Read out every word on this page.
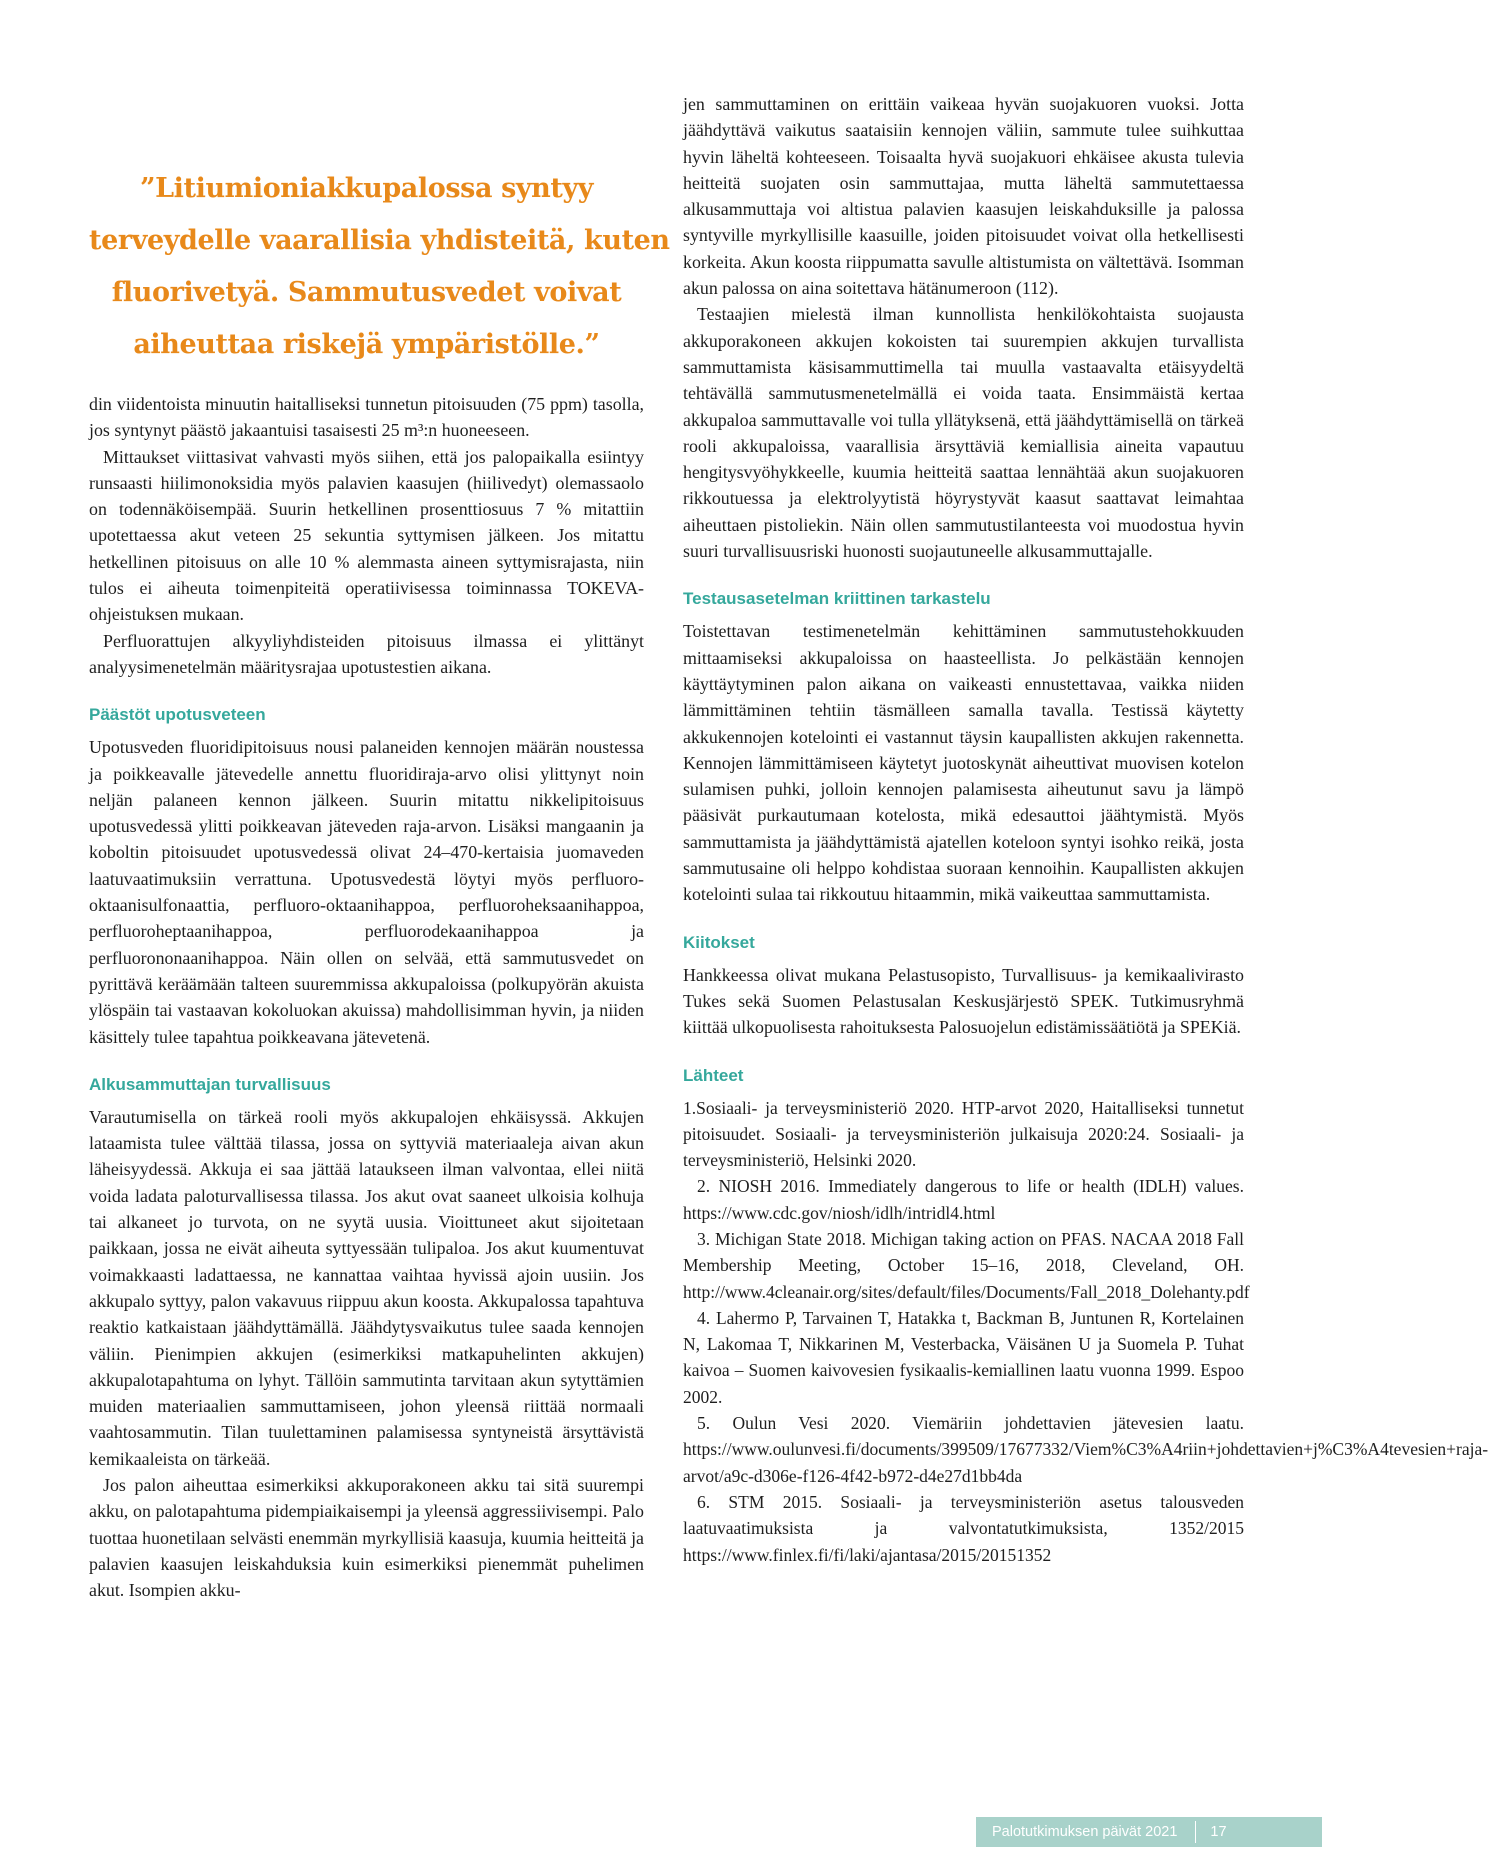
”Litiumioniakkupalossa syntyy
terveydelle vaarallisia yhdisteitä, kuten
fluorivetyä. Sammutusvedet voivat
aiheuttaa riskejä ympäristölle.”

din viidentoista minuutin haitalliseksi tunnetun pitoisuuden (75 ppm) tasolla, jos syntynyt päästö jakaantuisi tasaisesti 25 m³:n huoneeseen.

Mittaukset viittasivat vahvasti myös siihen, että jos palopaikalla esiintyy runsaasti hiilimonoksidia myös palavien kaasujen (hiilivedyt) olemassaolo on todennäköisempää. Suurin hetkellinen prosenttiosuus 7 % mitattiin upotettaessa akut veteen 25 sekuntia syttymisen jälkeen. Jos mitattu hetkellinen pitoisuus on alle 10 % alemmasta aineen syttymisrajasta, niin tulos ei aiheuta toimenpiteitä operatiivisessa toiminnassa TOKEVA-ohjeistuksen mukaan.

Perfluorattujen alkyyliyhdisteiden pitoisuus ilmassa ei ylittänyt analyysimenetelmän määritysrajaa upotustestien aikana.

Päästöt upotusveteen

Upotusveden fluoridipitoisuus nousi palaneiden kennojen määrän noustessa ja poikkeavalle jätevedelle annettu fluoridiraja-arvo olisi ylittynyt noin neljän palaneen kennon jälkeen. Suurin mitattu nikkelipitoisuus upotusvedessä ylitti poikkeavan jäteveden raja-arvon. Lisäksi mangaanin ja koboltin pitoisuudet upotusvedessä olivat 24–470-kertaisia juomaveden laatuvaatimuksiin verrattuna. Upotusvedestä löytyi myös perfluoro-oktaanisulfonaattia, perfluoro-oktaanihappoa, perfluoroheksaanihappoa, perfluoroheptaanihappoa, perfluorodekaanihappoa ja perfluorononaanihappoa. Näin ollen on selvää, että sammutusvedet on pyrittävä keräämään talteen suuremmissa akkupaloissa (polkupyörän akuista ylöspäin tai vastaavan kokoluokan akuissa) mahdollisimman hyvin, ja niiden käsittely tulee tapahtua poikkeavana jätevetenä.

Alkusammuttajan turvallisuus

Varautumisella on tärkeä rooli myös akkupalojen ehkäisyssä. Akkujen lataamista tulee välttää tilassa, jossa on syttyviä materiaaleja aivan akun läheisyydessä. Akkuja ei saa jättää lataukseen ilman valvontaa, ellei niitä voida ladata paloturvallisessa tilassa. Jos akut ovat saaneet ulkoisia kolhuja tai alkaneet jo turvota, on ne syytä uusia. Vioittuneet akut sijoitetaan paikkaan, jossa ne eivät aiheuta syttyessään tulipaloa. Jos akut kuumentuvat voimakkaasti ladattaessa, ne kannattaa vaihtaa hyvissä ajoin uusiin. Jos akkupalo syttyy, palon vakavuus riippuu akun koosta. Akkupalossa tapahtuva reaktio katkaistaan jäähdyttämällä. Jäähdytysvaikutus tulee saada kennojen väliin. Pienimpien akkujen (esimerkiksi matkapuhelinten akkujen) akkupalotapahtuma on lyhyt. Tällöin sammutinta tarvitaan akun sytyttämien muiden materiaalien sammuttamiseen, johon yleensä riittää normaali vaahtosammutin. Tilan tuulettaminen palamisessa syntyneistä ärsyttävistä kemikaaleista on tärkeää.

Jos palon aiheuttaa esimerkiksi akkuporakoneen akku tai sitä suurempi akku, on palotapahtuma pidempiaikaisempi ja yleensä aggressiivisempi. Palo tuottaa huonetilaan selvästi enemmän myrkyllisiä kaasuja, kuumia heitteitä ja palavien kaasujen leiskahduksia kuin esimerkiksi pienemmät puhelimen akut. Isompien akku-

jen sammuttaminen on erittäin vaikeaa hyvän suojakuoren vuoksi. Jotta jäähdyttävä vaikutus saataisiin kennojen väliin, sammute tulee suihkuttaa hyvin läheltä kohteeseen. Toisaalta hyvä suojakuori ehkäisee akusta tulevia heitteitä suojaten osin sammuttajaa, mutta läheltä sammutettaessa alkusammuttaja voi altistua palavien kaasujen leiskahduksille ja palossa syntyville myrkyllisille kaasuille, joiden pitoisuudet voivat olla hetkellisesti korkeita. Akun koosta riippumatta savulle altistumista on vältettävä. Isomman akun palossa on aina soitettava hätänumeroon (112).

Testaajien mielestä ilman kunnollista henkilökohtaista suojausta akkuporakoneen akkujen kokoisten tai suurempien akkujen turvallista sammuttamista käsisammuttimella tai muulla vastaavalta etäisyydeltä tehtävällä sammutusmenetelmällä ei voida taata. Ensimmäistä kertaa akkupaloa sammuttavalle voi tulla yllätyksenä, että jäähdyttämisellä on tärkeä rooli akkupaloissa, vaarallisia ärsyttäviä kemiallisia aineita vapautuu hengitysvyöhykkeelle, kuumia heitteitä saattaa lennähtää akun suojakuoren rikkoutuessa ja elektrolyytistä höyrystyvät kaasut saattavat leimahtaa aiheuttaen pistoliekin. Näin ollen sammutustilanteesta voi muodostua hyvin suuri turvallisuusriski huonosti suojautuneelle alkusammuttajalle.

Testausasetelman kriittinen tarkastelu

Toistettavan testimenetelmän kehittäminen sammutustehokkuuden mittaamiseksi akkupaloissa on haasteellista. Jo pelkästään kennojen käyttäytyminen palon aikana on vaikeasti ennustettavaa, vaikka niiden lämmittäminen tehtiin täsmälleen samalla tavalla. Testissä käytetty akkukennojen kotelointi ei vastannut täysin kaupallisten akkujen rakennetta. Kennojen lämmittämiseen käytetyt juotoskynät aiheuttivat muovisen kotelon sulamisen puhki, jolloin kennojen palamisesta aiheutunut savu ja lämpö pääsivät purkautumaan kotelosta, mikä edesauttoi jäähtymistä. Myös sammuttamista ja jäähdyttämistä ajatellen koteloon syntyi isohko reikä, josta sammutusaine oli helppo kohdistaa suoraan kennoihin. Kaupallisten akkujen kotelointi sulaa tai rikkoutuu hitaammin, mikä vaikeuttaa sammuttamista.

Kiitokset

Hankkeessa olivat mukana Pelastusopisto, Turvallisuus- ja kemikaalivirasto Tukes sekä Suomen Pelastusalan Keskusjärjestö SPEK. Tutkimusryhmä kiittää ulkopuolisesta rahoituksesta Palosuojelun edistämissäätiötä ja SPEKiä.

Lähteet

1.Sosiaali- ja terveysministeriö 2020. HTP-arvot 2020, Haitalliseksi tunnetut pitoisuudet. Sosiaali- ja terveysministeriön julkaisuja 2020:24. Sosiaali- ja terveysministeriö, Helsinki 2020.

2. NIOSH 2016. Immediately dangerous to life or health (IDLH) values. https://www.cdc.gov/niosh/idlh/intridl4.html

3. Michigan State 2018. Michigan taking action on PFAS. NACAA 2018 Fall Membership Meeting, October 15–16, 2018, Cleveland, OH. http://www.4cleanair.org/sites/default/files/Documents/Fall_2018_Dolehanty.pdf

4. Lahermo P, Tarvainen T, Hatakka t, Backman B, Juntunen R, Kortelainen N, Lakomaa T, Nikkarinen M, Vesterbacka, Väisänen U ja Suomela P. Tuhat kaivoa – Suomen kaivovesien fysikaalis-kemiallinen laatu vuonna 1999. Espoo 2002.

5. Oulun Vesi 2020. Viemäriin johdettavien jätevesien laatu. https://www.oulunvesi.fi/documents/399509/17677332/Viem%C3%A4riin+johdettavien+j%C3%A4tevesien+raja-arvot/a9c-d306e-f126-4f42-b972-d4e27d1bb4da

6. STM 2015. Sosiaali- ja terveysministeriön asetus talousveden laatuvaatimuksista ja valvontatutkimuksista, 1352/2015 https://www.finlex.fi/fi/laki/ajantasa/2015/20151352

Palotutkimuksen päivät 2021 17
